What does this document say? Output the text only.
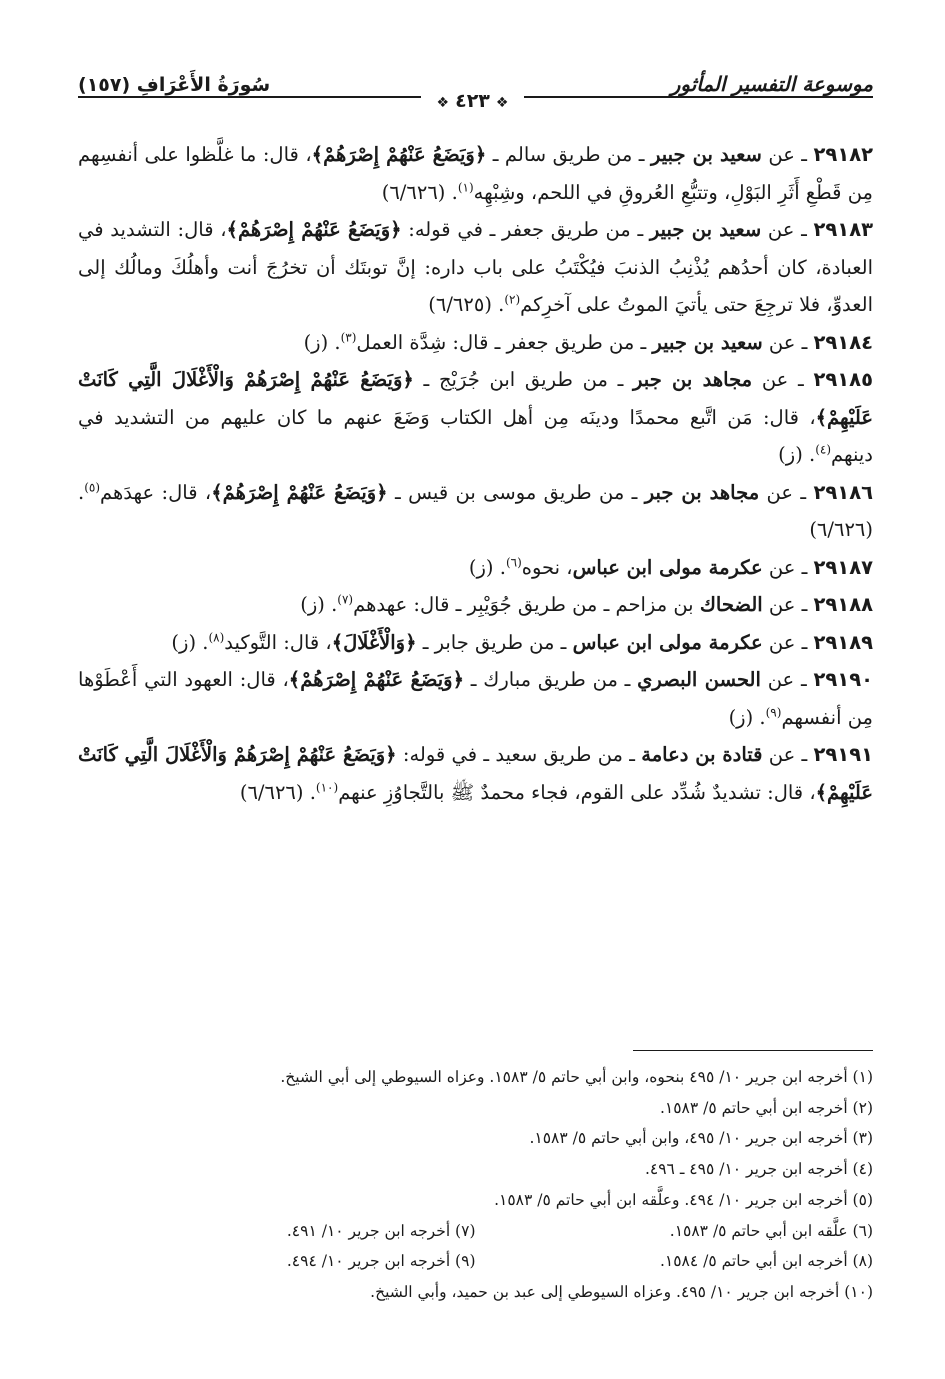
موسوعة التفسير المأثور
سُورَةُ الأَعْرَافِ (١٥٧)
❖٤٢٣❖

٢٩١٨٢ ـ عن سعيد بن جبير ـ من طريق سالم ـ ﴿وَيَضَعُ عَنْهُمْ إِصْرَهُمْ﴾، قال: ما غلَّظوا على أنفسِهم مِن قَطْعِ أَثَرِ البَوْلِ، وتتبُّعِ العُروقِ في اللحم، وشِبْهِه$^{(١)}$. (٦/٦٢٦)

٢٩١٨٣ ـ عن سعيد بن جبير ـ من طريق جعفر ـ في قوله: ﴿وَيَضَعُ عَنْهُمْ إِصْرَهُمْ﴾، قال: التشديد في العبادة، كان أحدُهم يُذْنِبُ الذنبَ فيُكْتَبُ على باب داره: إنَّ توبتَك أن تخرُجَ أنت وأهلُكَ ومالُك إلى العدوِّ، فلا ترجِعَ حتى يأتيَ الموتُ على آخرِكم$^{(٢)}$. (٦/٦٢٥)

٢٩١٨٤ ـ عن سعيد بن جبير ـ من طريق جعفر ـ قال: شِدَّة العمل$^{(٣)}$. (ز)

٢٩١٨٥ ـ عن مجاهد بن جبر ـ من طريق ابن جُرَيْج ـ ﴿وَيَضَعُ عَنْهُمْ إِصْرَهُمْ وَالْأَغْلَالَ الَّتِي كَانَتْ عَلَيْهِمْ﴾، قال: مَن اتَّبع محمدًا ودينَه مِن أهل الكتاب وَضَعَ عنهم ما كان عليهم من التشديد في دينهم$^{(٤)}$. (ز)

٢٩١٨٦ ـ عن مجاهد بن جبر ـ من طريق موسى بن قيس ـ ﴿وَيَضَعُ عَنْهُمْ إِصْرَهُمْ﴾، قال: عهدَهم$^{(٥)}$. (٦/٦٢٦)

٢٩١٨٧ ـ عن عكرمة مولى ابن عباس، نحوه$^{(٦)}$. (ز)

٢٩١٨٨ ـ عن الضحاك بن مزاحم ـ من طريق جُوَيْبِر ـ قال: عهدهم$^{(٧)}$. (ز)

٢٩١٨٩ ـ عن عكرمة مولى ابن عباس ـ من طريق جابر ـ ﴿وَالْأَغْلَالَ﴾، قال: التَّوكيد$^{(٨)}$. (ز)

٢٩١٩٠ ـ عن الحسن البصري ـ من طريق مبارك ـ ﴿وَيَضَعُ عَنْهُمْ إِصْرَهُمْ﴾، قال: العهود التي أَعْطَوْها مِن أنفسهم$^{(٩)}$. (ز)

٢٩١٩١ ـ عن قتادة بن دعامة ـ من طريق سعيد ـ في قوله: ﴿وَيَضَعُ عَنْهُمْ إِصْرَهُمْ وَالْأَغْلَالَ الَّتِي كَانَتْ عَلَيْهِمْ﴾، قال: تشديدٌ شُدِّد على القوم، فجاء محمدٌ ﷺ بالتَّجاوُزِ عنهم$^{(١٠)}$. (٦/٦٢٦)

(١) أخرجه ابن جرير ١٠/ ٤٩٥ بنحوه، وابن أبي حاتم ٥/ ١٥٨٣. وعزاه السيوطي إلى أبي الشيخ.

(٢) أخرجه ابن أبي حاتم ٥/ ١٥٨٣.

(٣) أخرجه ابن جرير ١٠/ ٤٩٥، وابن أبي حاتم ٥/ ١٥٨٣.

(٤) أخرجه ابن جرير ١٠/ ٤٩٥ ـ ٤٩٦.

(٥) أخرجه ابن جرير ١٠/ ٤٩٤. وعلَّقه ابن أبي حاتم ٥/ ١٥٨٣.

(٦) علَّقه ابن أبي حاتم ٥/ ١٥٨٣.
(٧) أخرجه ابن جرير ١٠/ ٤٩١.
(٨) أخرجه ابن أبي حاتم ٥/ ١٥٨٤.
(٩) أخرجه ابن جرير ١٠/ ٤٩٤.

(١٠) أخرجه ابن جرير ١٠/ ٤٩٥. وعزاه السيوطي إلى عبد بن حميد، وأبي الشيخ.
